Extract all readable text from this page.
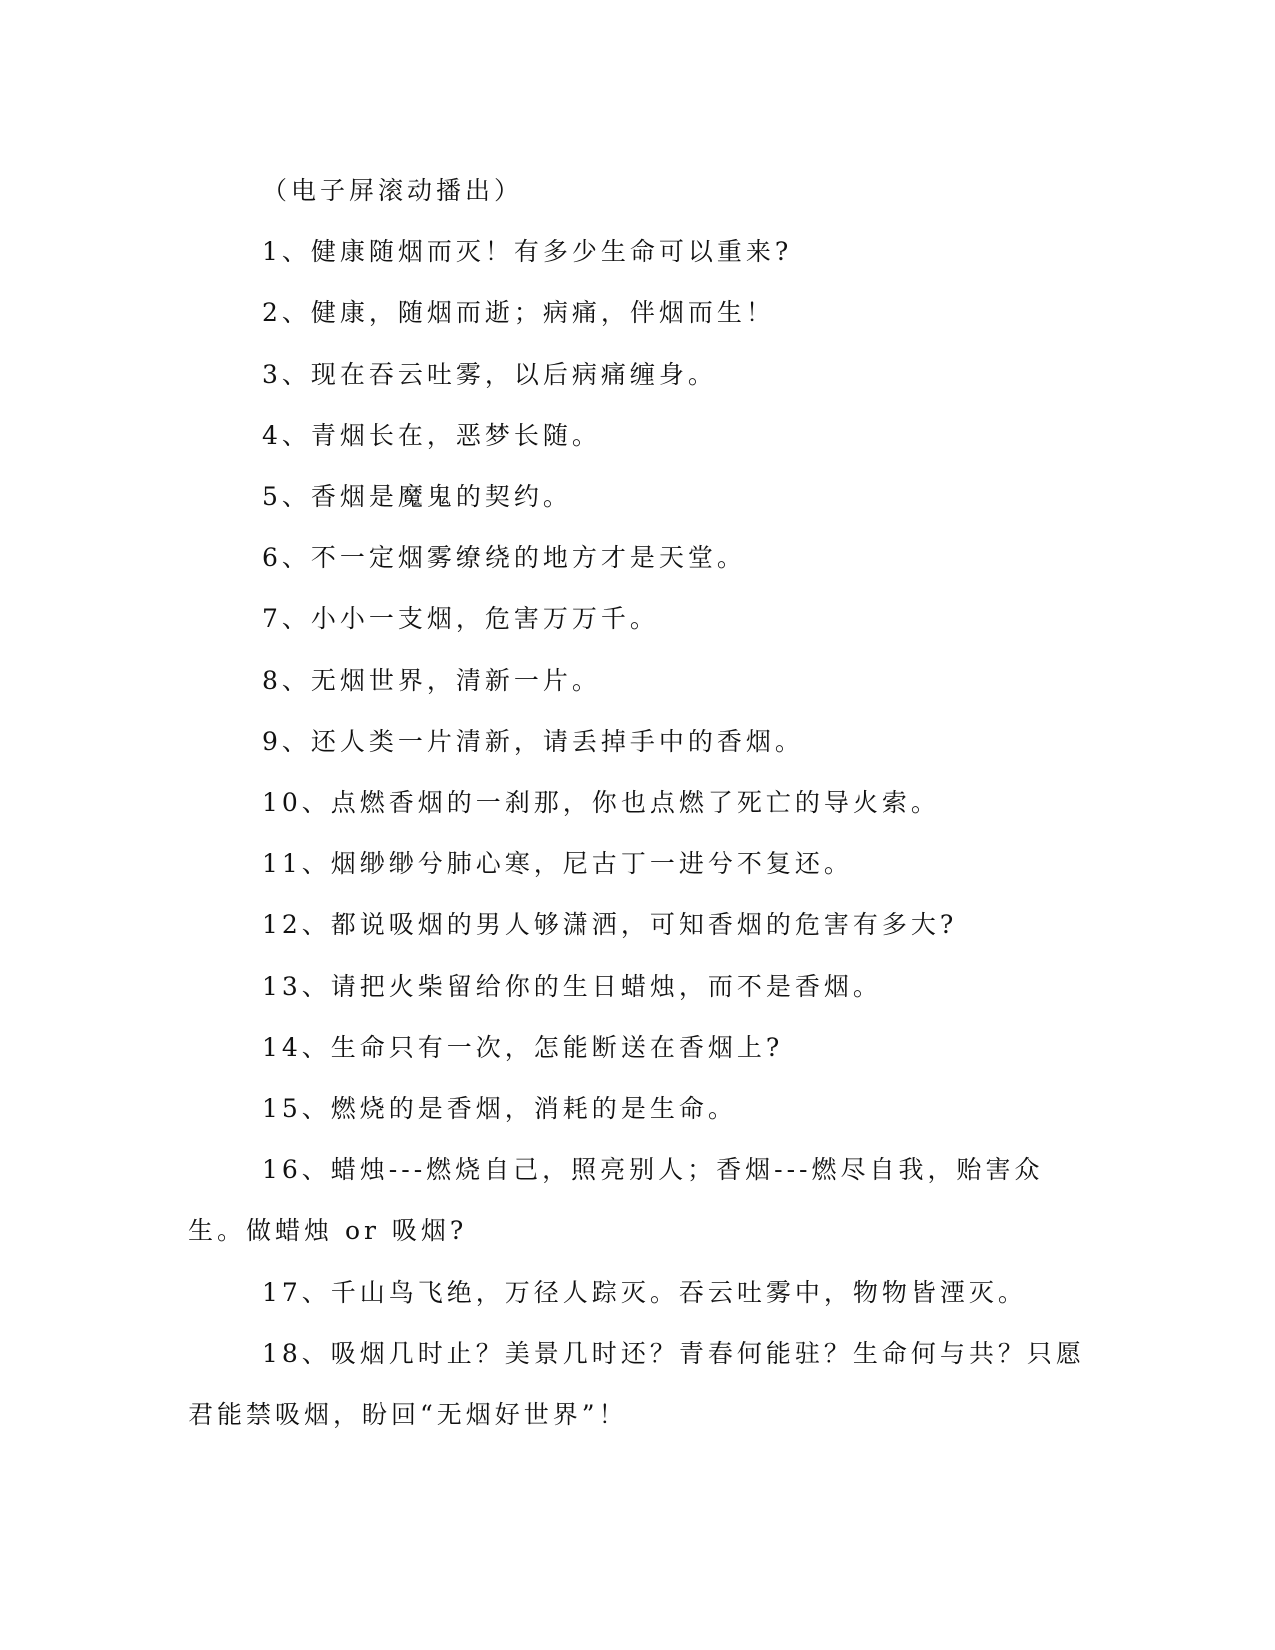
（电子屏滚动播出）

1、健康随烟而灭！有多少生命可以重来?

2、健康，随烟而逝；病痛，伴烟而生！

3、现在吞云吐雾，以后病痛缠身。

4、青烟长在，恶梦长随。

5、香烟是魔鬼的契约。

6、不一定烟雾缭绕的地方才是天堂。

7、小小一支烟，危害万万千。

8、无烟世界，清新一片。

9、还人类一片清新，请丢掉手中的香烟。

10、点燃香烟的一刹那，你也点燃了死亡的导火索。

11、烟缈缈兮肺心寒，尼古丁一进兮不复还。

12、都说吸烟的男人够潇洒，可知香烟的危害有多大?

13、请把火柴留给你的生日蜡烛，而不是香烟。

14、生命只有一次，怎能断送在香烟上?

15、燃烧的是香烟，消耗的是生命。

16、蜡烛---燃烧自己，照亮别人；香烟---燃尽自我，贻害众生。做蜡烛 or 吸烟?

17、千山鸟飞绝，万径人踪灭。吞云吐雾中，物物皆湮灭。

18、吸烟几时止？美景几时还？青春何能驻？生命何与共？只愿君能禁吸烟，盼回“无烟好世界”！
